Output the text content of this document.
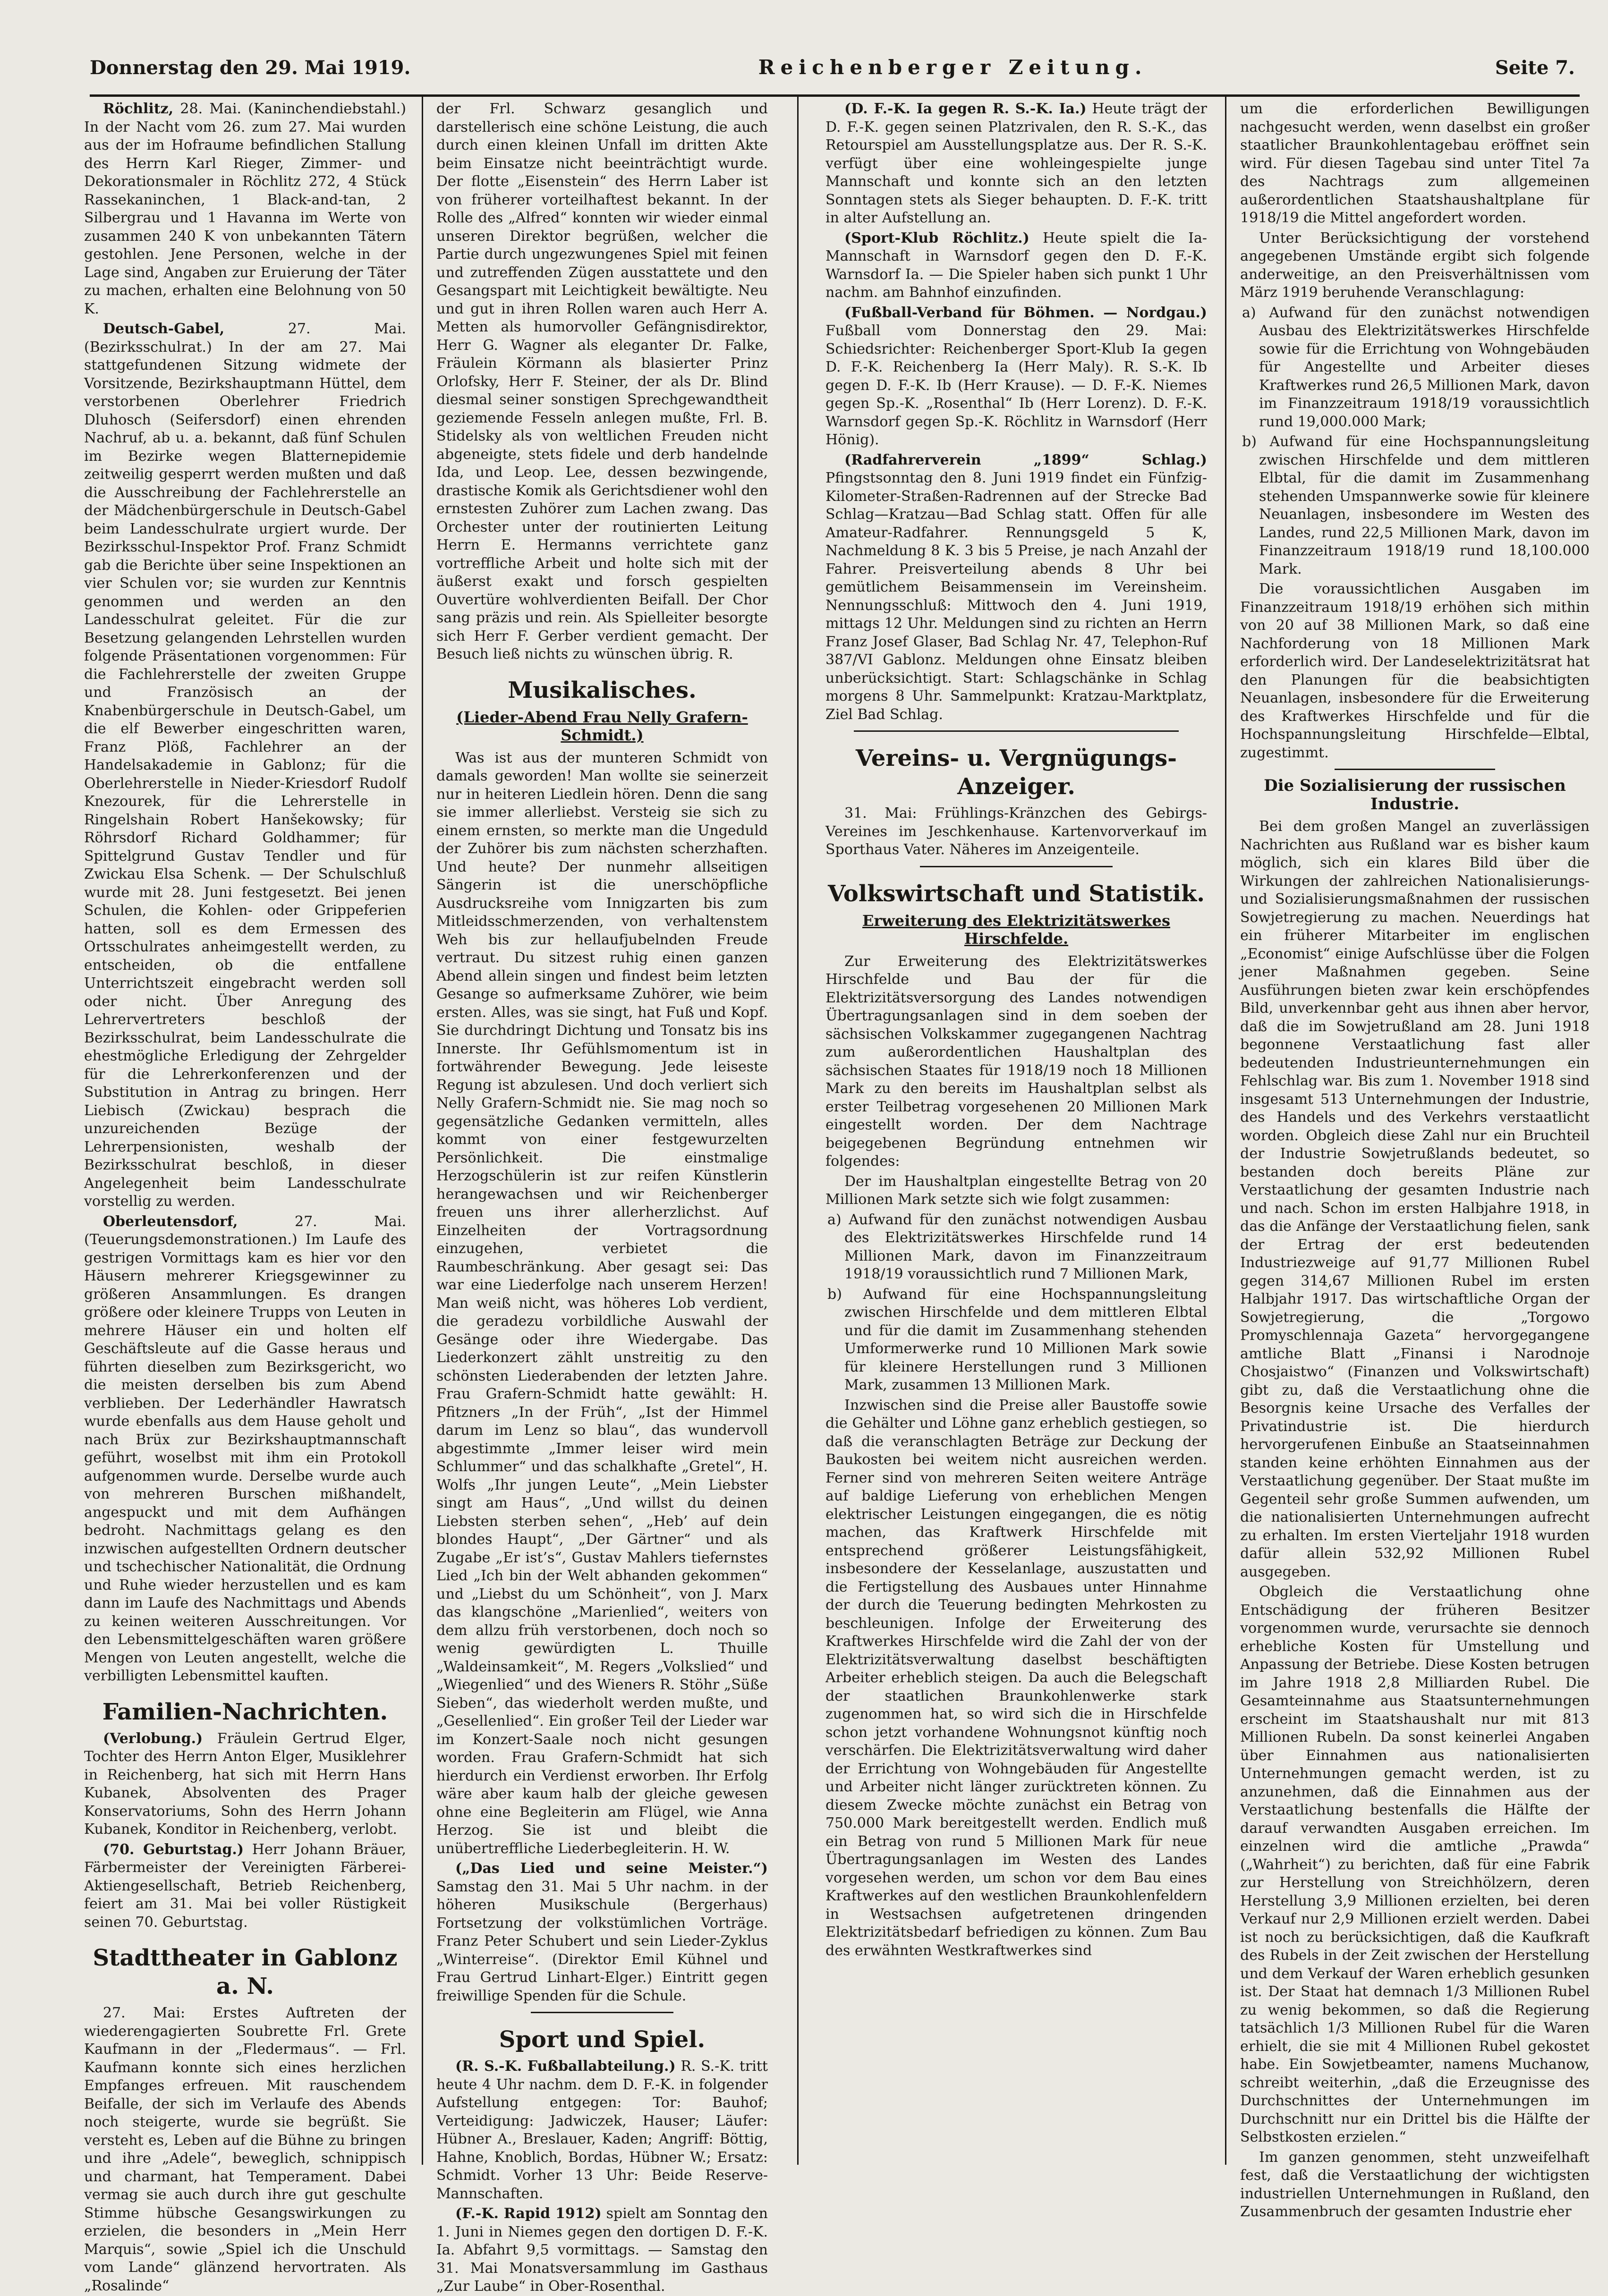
Donnerstag den 29. Mai 1919.	Reichenberger Zeitung.	Seite 7.

Röchlitz, 28. Mai. (Kaninchendiebstahl.) In der Nacht vom 26. zum 27. Mai wurden aus der im Hofraume befindlichen Stallung des Herrn Karl Rieger, Zimmer- und Dekorationsmaler in Röchlitz 272, 4 Stück Rassekaninchen, 1 Black-and-tan, 2 Silbergrau und 1 Havanna im Werte von zusammen 240 K von unbekannten Tätern gestohlen. Jene Personen, welche in der Lage sind, Angaben zur Eruierung der Täter zu machen, erhalten eine Belohnung von 50 K.

Deutsch-Gabel, 27. Mai. (Bezirksschulrat.) In der am 27. Mai stattgefundenen Sitzung widmete der Vorsitzende, Bezirkshauptmann Hüttel, dem verstorbenen Oberlehrer Friedrich Dluhosch (Seifersdorf) einen ehrenden Nachruf, ab u. a. bekannt, daß fünf Schulen im Bezirke wegen Blatternepidemie zeitweilig gesperrt werden mußten und daß die Ausschreibung der Fachlehrerstelle an der Mädchenbürgerschule in Deutsch-Gabel beim Landesschulrate urgiert wurde. Der Bezirksschul-Inspektor Prof. Franz Schmidt gab die Berichte über seine Inspektionen an vier Schulen vor; sie wurden zur Kenntnis genommen und werden an den Landesschulrat geleitet. Für die zur Besetzung gelangenden Lehrstellen wurden folgende Präsentationen vorgenommen: Für die Fachlehrerstelle der zweiten Gruppe und Französisch an der Knabenbürgerschule in Deutsch-Gabel, um die elf Bewerber eingeschritten waren, Franz Plöß, Fachlehrer an der Handelsakademie in Gablonz; für die Oberlehrerstelle in Nieder-Kriesdorf Rudolf Knezourek, für die Lehrerstelle in Ringelshain Robert Hanšekowsky; für Röhrsdorf Richard Goldhammer; für Spittelgrund Gustav Tendler und für Zwickau Elsa Schenk. — Der Schulschluß wurde mit 28. Juni festgesetzt. Bei jenen Schulen, die Kohlen- oder Grippeferien hatten, soll es dem Ermessen des Ortsschulrates anheimgestellt werden, zu entscheiden, ob die entfallene Unterrichtszeit eingebracht werden soll oder nicht. Über Anregung des Lehrervertreters beschloß der Bezirksschulrat, beim Landesschulrate die ehestmögliche Erledigung der Zehrgelder für die Lehrerkonferenzen und der Substitution in Antrag zu bringen. Herr Liebisch (Zwickau) besprach die unzureichenden Bezüge der Lehrerpensionisten, weshalb der Bezirksschulrat beschloß, in dieser Angelegenheit beim Landesschulrate vorstellig zu werden.

Oberleutensdorf, 27. Mai. (Teuerungsdemonstrationen.) Im Laufe des gestrigen Vormittags kam es hier vor den Häusern mehrerer Kriegsgewinner zu größeren Ansammlungen. Es drangen größere oder kleinere Trupps von Leuten in mehrere Häuser ein und holten elf Geschäftsleute auf die Gasse heraus und führten dieselben zum Bezirksgericht, wo die meisten derselben bis zum Abend verblieben. Der Lederhändler Hawratsch wurde ebenfalls aus dem Hause geholt und nach Brüx zur Bezirkshauptmannschaft geführt, woselbst mit ihm ein Protokoll aufgenommen wurde. Derselbe wurde auch von mehreren Burschen mißhandelt, angespuckt und mit dem Aufhängen bedroht. Nachmittags gelang es den inzwischen aufgestellten Ordnern deutscher und tschechischer Nationalität, die Ordnung und Ruhe wieder herzustellen und es kam dann im Laufe des Nachmittags und Abends zu keinen weiteren Ausschreitungen. Vor den Lebensmittelgeschäften waren größere Mengen von Leuten angestellt, welche die verbilligten Lebensmittel kauften.

Familien-Nachrichten.

(Verlobung.) Fräulein Gertrud Elger, Tochter des Herrn Anton Elger, Musiklehrer in Reichenberg, hat sich mit Herrn Hans Kubanek, Absolventen des Prager Konservatoriums, Sohn des Herrn Johann Kubanek, Konditor in Reichenberg, verlobt.

(70. Geburtstag.) Herr Johann Bräuer, Färbermeister der Vereinigten Färberei-Aktiengesellschaft, Betrieb Reichenberg, feiert am 31. Mai bei voller Rüstigkeit seinen 70. Geburtstag.

Stadttheater in Gablonz a. N.

27. Mai: Erstes Auftreten der wiederengagierten Soubrette Frl. Grete Kaufmann in der „Fledermaus“. — Frl. Kaufmann konnte sich eines herzlichen Empfanges erfreuen. Mit rauschendem Beifalle, der sich im Verlaufe des Abends noch steigerte, wurde sie begrüßt. Sie versteht es, Leben auf die Bühne zu bringen und ihre „Adele“, beweglich, schnippisch und charmant, hat Temperament. Dabei vermag sie auch durch ihre gut geschulte Stimme hübsche Gesangswirkungen zu erzielen, die besonders in „Mein Herr Marquis“, sowie „Spiel ich die Unschuld vom Lande“ glänzend hervortraten. Als „Rosalinde“

der Frl. Schwarz gesanglich und darstellerisch eine schöne Leistung, die auch durch einen kleinen Unfall im dritten Akte beim Einsatze nicht beeinträchtigt wurde. Der flotte „Eisenstein“ des Herrn Laber ist von früherer vorteilhaftest bekannt. In der Rolle des „Alfred“ konnten wir wieder einmal unseren Direktor begrüßen, welcher die Partie durch ungezwungenes Spiel mit feinen und zutreffenden Zügen ausstattete und den Gesangspart mit Leichtigkeit bewältigte. Neu und gut in ihren Rollen waren auch Herr A. Metten als humorvoller Gefängnisdirektor, Herr G. Wagner als eleganter Dr. Falke, Fräulein Körmann als blasierter Prinz Orlofsky, Herr F. Steiner, der als Dr. Blind diesmal seiner sonstigen Sprechgewandtheit geziemende Fesseln anlegen mußte, Frl. B. Stidelsky als von weltlichen Freuden nicht abgeneigte, stets fidele und derb handelnde Ida, und Leop. Lee, dessen bezwingende, drastische Komik als Gerichtsdiener wohl den ernstesten Zuhörer zum Lachen zwang. Das Orchester unter der routinierten Leitung Herrn E. Hermanns verrichtete ganz vortreffliche Arbeit und holte sich mit der äußerst exakt und forsch gespielten Ouvertüre wohlverdienten Beifall. Der Chor sang präzis und rein. Als Spielleiter besorgte sich Herr F. Gerber verdient gemacht. Der Besuch ließ nichts zu wünschen übrig. R.

Musikalisches.
(Lieder-Abend Frau Nelly Grafern-Schmidt.)

Was ist aus der munteren Schmidt von damals geworden! Man wollte sie seinerzeit nur in heiteren Liedlein hören. Denn die sang sie immer allerliebst. Versteig sie sich zu einem ernsten, so merkte man die Ungeduld der Zuhörer bis zum nächsten scherzhaften. Und heute? Der nunmehr allseitigen Sängerin ist die unerschöpfliche Ausdrucksreihe vom Innigzarten bis zum Mitleidsschmerzenden, von verhaltenstem Weh bis zur hellaufjubelnden Freude vertraut. Du sitzest ruhig einen ganzen Abend allein singen und findest beim letzten Gesange so aufmerksame Zuhörer, wie beim ersten. Alles, was sie singt, hat Fuß und Kopf. Sie durchdringt Dichtung und Tonsatz bis ins Innerste. Ihr Gefühlsmomentum ist in fortwährender Bewegung. Jede leiseste Regung ist abzulesen. Und doch verliert sich Nelly Grafern-Schmidt nie. Sie mag noch so gegensätzliche Gedanken vermitteln, alles kommt von einer festgewurzelten Persönlichkeit. Die einstmalige Herzogschülerin ist zur reifen Künstlerin herangewachsen und wir Reichenberger freuen uns ihrer allerherzlichst. Auf Einzelheiten der Vortragsordnung einzugehen, verbietet die Raumbeschränkung. Aber gesagt sei: Das war eine Liederfolge nach unserem Herzen! Man weiß nicht, was höheres Lob verdient, die geradezu vorbildliche Auswahl der Gesänge oder ihre Wiedergabe. Das Liederkonzert zählt unstreitig zu den schönsten Liederabenden der letzten Jahre. Frau Grafern-Schmidt hatte gewählt: H. Pfitzners „In der Früh“, „Ist der Himmel darum im Lenz so blau“, das wundervoll abgestimmte „Immer leiser wird mein Schlummer“ und das schalkhafte „Gretel“, H. Wolfs „Ihr jungen Leute“, „Mein Liebster singt am Haus“, „Und willst du deinen Liebsten sterben sehen“, „Heb’ auf dein blondes Haupt“, „Der Gärtner“ und als Zugabe „Er ist’s“, Gustav Mahlers tiefernstes Lied „Ich bin der Welt abhanden gekommen“ und „Liebst du um Schönheit“, von J. Marx das klangschöne „Marienlied“, weiters von dem allzu früh verstorbenen, doch noch so wenig gewürdigten L. Thuille „Waldeinsamkeit“, M. Regers „Volkslied“ und „Wiegenlied“ und des Wieners R. Stöhr „Süße Sieben“, das wiederholt werden mußte, und „Gesellenlied“. Ein großer Teil der Lieder war im Konzert-Saale noch nicht gesungen worden. Frau Grafern-Schmidt hat sich hierdurch ein Verdienst erworben. Ihr Erfolg wäre aber kaum halb der gleiche gewesen ohne eine Begleiterin am Flügel, wie Anna Herzog. Sie ist und bleibt die unübertreffliche Liederbegleiterin. H. W.

(„Das Lied und seine Meister.“) Samstag den 31. Mai 5 Uhr nachm. in der höheren Musikschule (Bergerhaus) Fortsetzung der volkstümlichen Vorträge. Franz Peter Schubert und sein Lieder-Zyklus „Winterreise“. (Direktor Emil Kühnel und Frau Gertrud Linhart-Elger.) Eintritt gegen freiwillige Spenden für die Schule.

Sport und Spiel.

(R. S.-K. Fußballabteilung.) R. S.-K. tritt heute 4 Uhr nachm. dem D. F.-K. in folgender Aufstellung entgegen: Tor: Bauhof; Verteidigung: Jadwiczek, Hauser; Läufer: Hübner A., Breslauer, Kaden; Angriff: Böttig, Hahne, Knoblich, Bordas, Hübner W.; Ersatz: Schmidt. Vorher 13 Uhr: Beide Reserve-Mannschaften.

(F.-K. Rapid 1912) spielt am Sonntag den 1. Juni in Niemes gegen den dortigen D. F.-K. Ia. Abfahrt 9,5 vormittags. — Samstag den 31. Mai Monatsversammlung im Gasthaus „Zur Laube“ in Ober-Rosenthal.

(D. F.-K. Ia gegen R. S.-K. Ia.) Heute trägt der D. F.-K. gegen seinen Platzrivalen, den R. S.-K., das Retourspiel am Ausstellungsplatze aus. Der R. S.-K. verfügt über eine wohleingespielte junge Mannschaft und konnte sich an den letzten Sonntagen stets als Sieger behaupten. D. F.-K. tritt in alter Aufstellung an.

(Sport-Klub Röchlitz.) Heute spielt die Ia-Mannschaft in Warnsdorf gegen den D. F.-K. Warnsdorf Ia. — Die Spieler haben sich punkt 1 Uhr nachm. am Bahnhof einzufinden.

(Fußball-Verband für Böhmen. — Nordgau.) Fußball vom Donnerstag den 29. Mai: Schiedsrichter: Reichenberger Sport-Klub Ia gegen D. F.-K. Reichenberg Ia (Herr Maly). R. S.-K. Ib gegen D. F.-K. Ib (Herr Krause). — D. F.-K. Niemes gegen Sp.-K. „Rosenthal“ Ib (Herr Lorenz). D. F.-K. Warnsdorf gegen Sp.-K. Röchlitz in Warnsdorf (Herr Hönig).

(Radfahrerverein „1899“ Schlag.) Pfingstsonntag den 8. Juni 1919 findet ein Fünfzig-Kilometer-Straßen-Radrennen auf der Strecke Bad Schlag—Kratzau—Bad Schlag statt. Offen für alle Amateur-Radfahrer. Rennungsgeld 5 K, Nachmeldung 8 K. 3 bis 5 Preise, je nach Anzahl der Fahrer. Preisverteilung abends 8 Uhr bei gemütlichem Beisammensein im Vereinsheim. Nennungsschluß: Mittwoch den 4. Juni 1919, mittags 12 Uhr. Meldungen sind zu richten an Herrn Franz Josef Glaser, Bad Schlag Nr. 47, Telephon-Ruf 387/VI Gablonz. Meldungen ohne Einsatz bleiben unberücksichtigt. Start: Schlagschänke in Schlag morgens 8 Uhr. Sammelpunkt: Kratzau-Marktplatz, Ziel Bad Schlag.

Vereins- u. Vergnügungs-Anzeiger.

31. Mai: Frühlings-Kränzchen des Gebirgs-Vereines im Jeschkenhause. Kartenvorverkauf im Sporthaus Vater. Näheres im Anzeigenteile.

Volkswirtschaft und Statistik.
Erweiterung des Elektrizitätswerkes Hirschfelde.

Zur Erweiterung des Elektrizitätswerkes Hirschfelde und Bau der für die Elektrizitätsversorgung des Landes notwendigen Übertragungsanlagen sind in dem soeben der sächsischen Volkskammer zugegangenen Nachtrag zum außerordentlichen Haushaltplan des sächsischen Staates für 1918/19 noch 18 Millionen Mark zu den bereits im Haushaltplan selbst als erster Teilbetrag vorgesehenen 20 Millionen Mark eingestellt worden. Der dem Nachtrage beigegebenen Begründung entnehmen wir folgendes:

Der im Haushaltplan eingestellte Betrag von 20 Millionen Mark setzte sich wie folgt zusammen:

a) Aufwand für den zunächst notwendigen Ausbau des Elektrizitätswerkes Hirschfelde rund 14 Millionen Mark, davon im Finanzzeitraum 1918/19 voraussichtlich rund 7 Millionen Mark,

b) Aufwand für eine Hochspannungsleitung zwischen Hirschfelde und dem mittleren Elbtal und für die damit im Zusammenhang stehenden Umformerwerke rund 10 Millionen Mark sowie für kleinere Herstellungen rund 3 Millionen Mark, zusammen 13 Millionen Mark.

Inzwischen sind die Preise aller Baustoffe sowie die Gehälter und Löhne ganz erheblich gestiegen, so daß die veranschlagten Beträge zur Deckung der Baukosten bei weitem nicht ausreichen werden. Ferner sind von mehreren Seiten weitere Anträge auf baldige Lieferung von erheblichen Mengen elektrischer Leistungen eingegangen, die es nötig machen, das Kraftwerk Hirschfelde mit entsprechend größerer Leistungsfähigkeit, insbesondere der Kesselanlage, auszustatten und die Fertigstellung des Ausbaues unter Hinnahme der durch die Teuerung bedingten Mehrkosten zu beschleunigen. Infolge der Erweiterung des Kraftwerkes Hirschfelde wird die Zahl der von der Elektrizitätsverwaltung daselbst beschäftigten Arbeiter erheblich steigen. Da auch die Belegschaft der staatlichen Braunkohlenwerke stark zugenommen hat, so wird sich die in Hirschfelde schon jetzt vorhandene Wohnungsnot künftig noch verschärfen. Die Elektrizitätsverwaltung wird daher der Errichtung von Wohngebäuden für Angestellte und Arbeiter nicht länger zurücktreten können. Zu diesem Zwecke möchte zunächst ein Betrag von 750.000 Mark bereitgestellt werden. Endlich muß ein Betrag von rund 5 Millionen Mark für neue Übertragungsanlagen im Westen des Landes vorgesehen werden, um schon vor dem Bau eines Kraftwerkes auf den westlichen Braunkohlenfeldern in Westsachsen aufgetretenen dringenden Elektrizitätsbedarf befriedigen zu können. Zum Bau des erwähnten Westkraftwerkes sind

um die erforderlichen Bewilligungen nachgesucht werden, wenn daselbst ein großer staatlicher Braunkohlentagebau eröffnet sein wird. Für diesen Tagebau sind unter Titel 7a des Nachtrags zum allgemeinen außerordentlichen Staatshaushaltplane für 1918/19 die Mittel angefordert worden.

Unter Berücksichtigung der vorstehend angegebenen Umstände ergibt sich folgende anderweitige, an den Preisverhältnissen vom März 1919 beruhende Veranschlagung:

a) Aufwand für den zunächst notwendigen Ausbau des Elektrizitätswerkes Hirschfelde sowie für die Errichtung von Wohngebäuden für Angestellte und Arbeiter dieses Kraftwerkes rund 26,5 Millionen Mark, davon im Finanzzeitraum 1918/19 voraussichtlich rund 19,000.000 Mark;

b) Aufwand für eine Hochspannungsleitung zwischen Hirschfelde und dem mittleren Elbtal, für die damit im Zusammenhang stehenden Umspannwerke sowie für kleinere Neuanlagen, insbesondere im Westen des Landes, rund 22,5 Millionen Mark, davon im Finanzzeitraum 1918/19 rund 18,100.000 Mark.

Die voraussichtlichen Ausgaben im Finanzzeitraum 1918/19 erhöhen sich mithin von 20 auf 38 Millionen Mark, so daß eine Nachforderung von 18 Millionen Mark erforderlich wird. Der Landeselektrizitätsrat hat den Planungen für die beabsichtigten Neuanlagen, insbesondere für die Erweiterung des Kraftwerkes Hirschfelde und für die Hochspannungsleitung Hirschfelde—Elbtal, zugestimmt.

Die Sozialisierung der russischen Industrie.

Bei dem großen Mangel an zuverlässigen Nachrichten aus Rußland war es bisher kaum möglich, sich ein klares Bild über die Wirkungen der zahlreichen Nationalisierungs- und Sozialisierungsmaßnahmen der russischen Sowjetregierung zu machen. Neuerdings hat ein früherer Mitarbeiter im englischen „Economist“ einige Aufschlüsse über die Folgen jener Maßnahmen gegeben. Seine Ausführungen bieten zwar kein erschöpfendes Bild, unverkennbar geht aus ihnen aber hervor, daß die im Sowjetrußland am 28. Juni 1918 begonnene Verstaatlichung fast aller bedeutenden Industrieunternehmungen ein Fehlschlag war. Bis zum 1. November 1918 sind insgesamt 513 Unternehmungen der Industrie, des Handels und des Verkehrs verstaatlicht worden. Obgleich diese Zahl nur ein Bruchteil der Industrie Sowjetrußlands bedeutet, so bestanden doch bereits Pläne zur Verstaatlichung der gesamten Industrie nach und nach. Schon im ersten Halbjahre 1918, in das die Anfänge der Verstaatlichung fielen, sank der Ertrag der erst bedeutenden Industriezweige auf 91,77 Millionen Rubel gegen 314,67 Millionen Rubel im ersten Halbjahr 1917. Das wirtschaftliche Organ der Sowjetregierung, die „Torgowo Promyschlennaja Gazeta“ hervorgegangene amtliche Blatt „Finansi i Narodnoje Chosjaistwo“ (Finanzen und Volkswirtschaft) gibt zu, daß die Verstaatlichung ohne die Besorgnis keine Ursache des Verfalles der Privatindustrie ist. Die hierdurch hervorgerufenen Einbuße an Staatseinnahmen standen keine erhöhten Einnahmen aus der Verstaatlichung gegenüber. Der Staat mußte im Gegenteil sehr große Summen aufwenden, um die nationalisierten Unternehmungen aufrecht zu erhalten. Im ersten Vierteljahr 1918 wurden dafür allein 532,92 Millionen Rubel ausgegeben.

Obgleich die Verstaatlichung ohne Entschädigung der früheren Besitzer vorgenommen wurde, verursachte sie dennoch erhebliche Kosten für Umstellung und Anpassung der Betriebe. Diese Kosten betrugen im Jahre 1918 2,8 Milliarden Rubel. Die Gesamteinnahme aus Staatsunternehmungen erscheint im Staatshaushalt nur mit 813 Millionen Rubeln. Da sonst keinerlei Angaben über Einnahmen aus nationalisierten Unternehmungen gemacht werden, ist zu anzunehmen, daß die Einnahmen aus der Verstaatlichung bestenfalls die Hälfte der darauf verwandten Ausgaben erreichen. Im einzelnen wird die amtliche „Prawda“ („Wahrheit“) zu berichten, daß für eine Fabrik zur Herstellung von Streichhölzern, deren Herstellung 3,9 Millionen erzielten, bei deren Verkauf nur 2,9 Millionen erzielt werden. Dabei ist noch zu berücksichtigen, daß die Kaufkraft des Rubels in der Zeit zwischen der Herstellung und dem Verkauf der Waren erheblich gesunken ist. Der Staat hat demnach 1/3 Millionen Rubel zu wenig bekommen, so daß die Regierung tatsächlich 1/3 Millionen Rubel für die Waren erhielt, die sie mit 4 Millionen Rubel gekostet habe. Ein Sowjetbeamter, namens Muchanow, schreibt weiterhin, „daß die Erzeugnisse des Durchschnittes der Unternehmungen im Durchschnitt nur ein Drittel bis die Hälfte der Selbstkosten erzielen.“

Im ganzen genommen, steht unzweifelhaft fest, daß die Verstaatlichung der wichtigsten industriellen Unternehmungen in Rußland, den Zusammenbruch der gesamten Industrie eher
